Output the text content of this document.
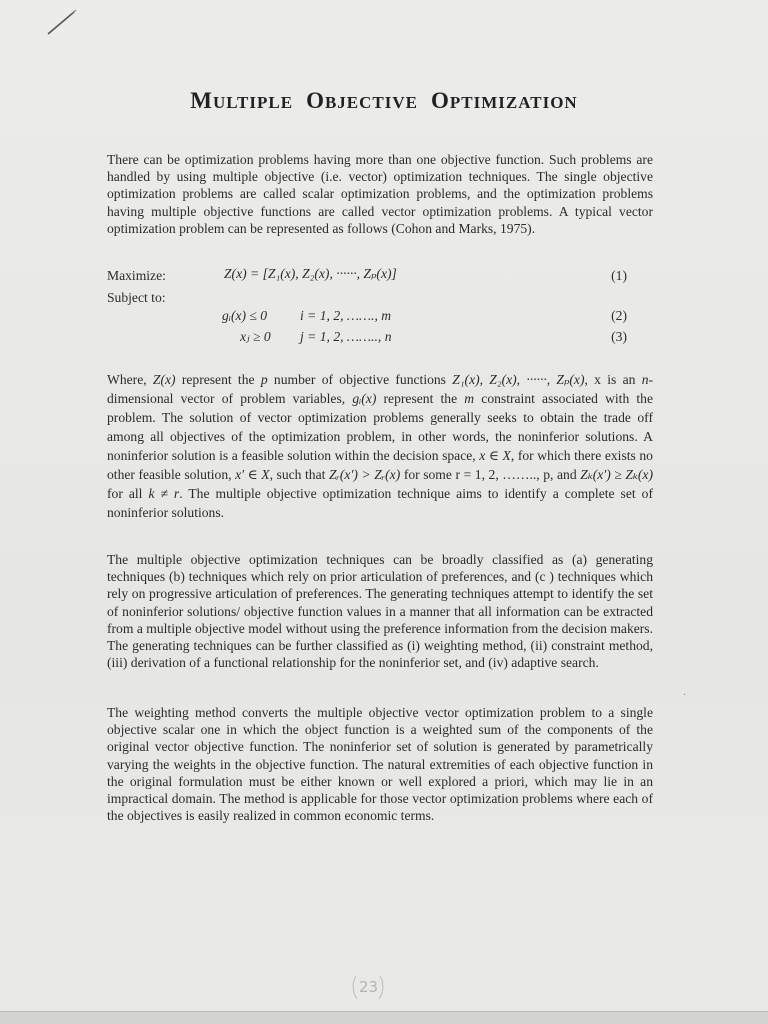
MULTIPLE OBJECTIVE OPTIMIZATION
There can be optimization problems having more than one objective function. Such problems are handled by using multiple objective (i.e. vector) optimization techniques. The single objective optimization problems are called scalar optimization problems, and the optimization problems having multiple objective functions are called vector optimization problems. A typical vector optimization problem can be represented as follows (Cohon and Marks, 1975).
Maximize:	Z(x) = [Z₁(x), Z₂(x), ······, Zₚ(x)]	(1)
Subject to:
gᵢ(x) ≤ 0 i = 1, 2, ……., m	(2)
xⱼ ≥ 0 j = 1, 2, …….., n	(3)
Where, Z(x) represent the p number of objective functions Z₁(x), Z₂(x), ······, Zₚ(x), x is an n-dimensional vector of problem variables, gᵢ(x) represent the m constraint associated with the problem. The solution of vector optimization problems generally seeks to obtain the trade off among all objectives of the optimization problem, in other words, the noninferior solutions. A noninferior solution is a feasible solution within the decision space, x ∈ X, for which there exists no other feasible solution, x′ ∈ X, such that Zᵣ(x′) > Zᵣ(x) for some r = 1, 2, …….., p, and Zₖ(x′) ≥ Zₖ(x) for all k ≠ r. The multiple objective optimization technique aims to identify a complete set of noninferior solutions.
The multiple objective optimization techniques can be broadly classified as (a) generating techniques (b) techniques which rely on prior articulation of preferences, and (c ) techniques which rely on progressive articulation of preferences. The generating techniques attempt to identify the set of noninferior solutions/ objective function values in a manner that all information can be extracted from a multiple objective model without using the preference information from the decision makers. The generating techniques can be further classified as (i) weighting method, (ii) constraint method, (iii) derivation of a functional relationship for the noninferior set, and (iv) adaptive search.
The weighting method converts the multiple objective vector optimization problem to a single objective scalar one in which the object function is a weighted sum of the components of the original vector objective function. The noninferior set of solution is generated by parametrically varying the weights in the objective function. The natural extremities of each objective function in the original formulation must be either known or well explored a priori, which may lie in an impractical domain. The method is applicable for those vector optimization problems where each of the objectives is easily realized in common economic terms.
·
23
